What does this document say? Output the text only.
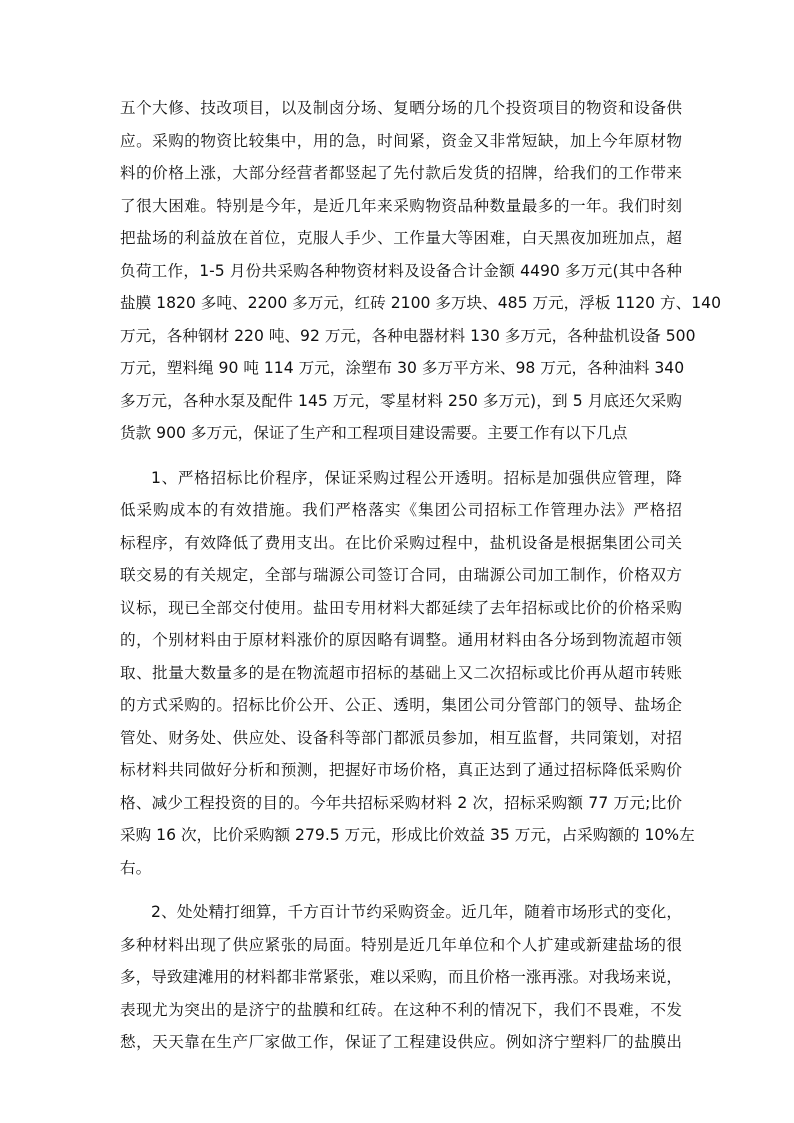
五个大修、技改项目，以及制卤分场、复晒分场的几个投资项目的物资和设备供
应。采购的物资比较集中，用的急，时间紧，资金又非常短缺，加上今年原材物
料的价格上涨，大部分经营者都竖起了先付款后发货的招牌，给我们的工作带来
了很大困难。特别是今年，是近几年来采购物资品种数量最多的一年。我们时刻
把盐场的利益放在首位，克服人手少、工作量大等困难，白天黑夜加班加点，超
负荷工作，1-5 月份共采购各种物资材料及设备合计金额 4490 多万元(其中各种
盐膜 1820 多吨、2200 多万元，红砖 2100 多万块、485 万元，浮板 1120 方、140
万元，各种钢材 220 吨、92 万元，各种电器材料 130 多万元，各种盐机设备 500
万元，塑料绳 90 吨 114 万元，涂塑布 30 多万平方米、98 万元，各种油料 340
多万元，各种水泵及配件 145 万元，零星材料 250 多万元)，到 5 月底还欠采购
货款 900 多万元，保证了生产和工程项目建设需要。主要工作有以下几点
1、严格招标比价程序，保证采购过程公开透明。招标是加强供应管理，降
低采购成本的有效措施。我们严格落实《集团公司招标工作管理办法》严格招
标程序，有效降低了费用支出。在比价采购过程中，盐机设备是根据集团公司关
联交易的有关规定，全部与瑞源公司签订合同，由瑞源公司加工制作，价格双方
议标，现已全部交付使用。盐田专用材料大都延续了去年招标或比价的价格采购
的，个别材料由于原材料涨价的原因略有调整。通用材料由各分场到物流超市领
取、批量大数量多的是在物流超市招标的基础上又二次招标或比价再从超市转账
的方式采购的。招标比价公开、公正、透明，集团公司分管部门的领导、盐场企
管处、财务处、供应处、设备科等部门都派员参加，相互监督，共同策划，对招
标材料共同做好分析和预测，把握好市场价格，真正达到了通过招标降低采购价
格、减少工程投资的目的。今年共招标采购材料 2 次，招标采购额 77 万元;比价
采购 16 次，比价采购额 279.5 万元，形成比价效益 35 万元，占采购额的 10%左
右。
2、处处精打细算，千方百计节约采购资金。近几年，随着市场形式的变化，
多种材料出现了供应紧张的局面。特别是近几年单位和个人扩建或新建盐场的很
多，导致建滩用的材料都非常紧张，难以采购，而且价格一涨再涨。对我场来说，
表现尤为突出的是济宁的盐膜和红砖。在这种不利的情况下，我们不畏难，不发
愁，天天靠在生产厂家做工作，保证了工程建设供应。例如济宁塑料厂的盐膜出
